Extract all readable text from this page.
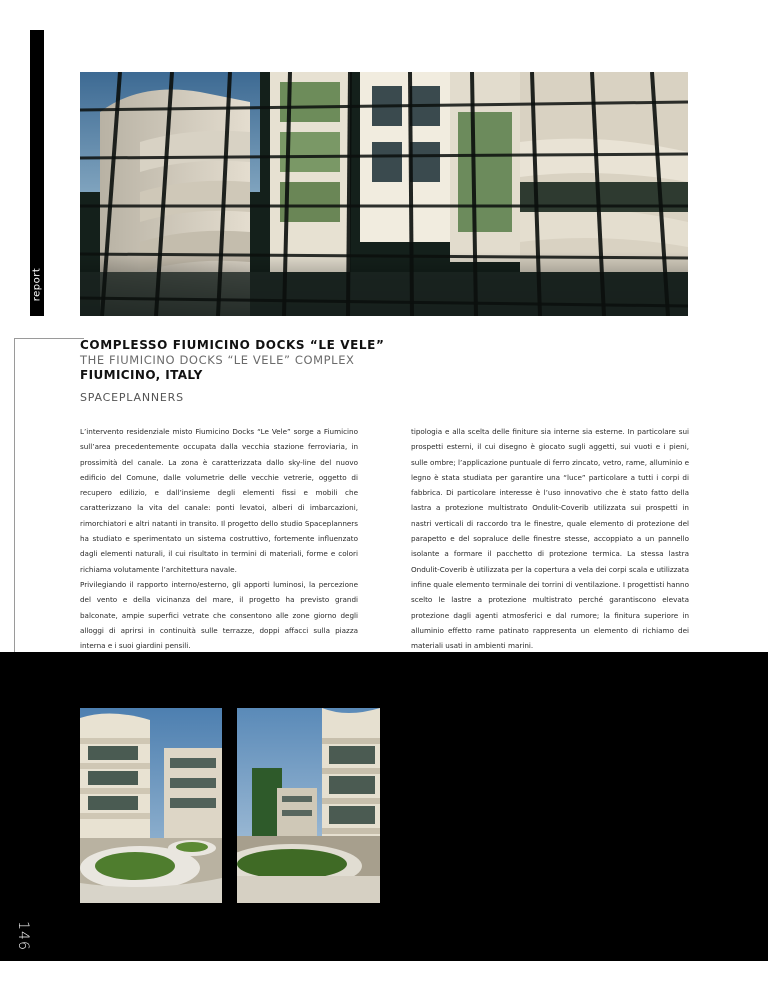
report
COMPLESSO FIUMICINO DOCKS “LE VELE”
THE FIUMICINO DOCKS “LE VELE” COMPLEX
FIUMICINO, ITALY
SPACEPLANNERS

L’intervento residenziale misto Fiumicino Docks “Le Vele” sorge a Fiumicino sull’area precedentemente occupata dalla vecchia stazione ferroviaria, in prossimità del canale. La zona è caratterizzata dallo sky-line del nuovo edificio del Comune, dalle volumetrie delle vecchie vetrerie, oggetto di recupero edilizio, e dall’insieme degli elementi fissi e mobili che caratterizzano la vita del canale: ponti levatoi, alberi di imbarcazioni, rimorchiatori e altri natanti in transito. Il progetto dello studio Spaceplanners ha studiato e sperimentato un sistema costruttivo, fortemente influenzato dagli elementi naturali, il cui risultato in termini di materiali, forme e colori richiama volutamente l’architettura navale.

Privilegiando il rapporto interno/esterno, gli apporti luminosi, la percezione del vento e della vicinanza del mare, il progetto ha previsto grandi balconate, ampie superfici vetrate che consentono alle zone giorno degli alloggi di aprirsi in continuità sulle terrazze, doppi affacci sulla piazza interna e i suoi giardini pensili.

tipologia e alla scelta delle finiture sia interne sia esterne. In particolare sui prospetti esterni, il cui disegno è giocato sugli aggetti, sui vuoti e i pieni, sulle ombre; l’applicazione puntuale di ferro zincato, vetro, rame, alluminio e legno è stata studiata per garantire una “luce” particolare a tutti i corpi di fabbrica. Di particolare interesse è l’uso innovativo che è stato fatto della lastra a protezione multistrato Ondulit-Coverib utilizzata sui prospetti in nastri verticali di raccordo tra le finestre, quale elemento di protezione del parapetto e del sopraluce delle finestre stesse, accoppiato a un pannello isolante a formare il pacchetto di protezione termica. La stessa lastra Ondulit-Coverib è utilizzata per la copertura a vela dei corpi scala e utilizzata infine quale elemento terminale dei torrini di ventilazione. I progettisti hanno scelto le lastre a protezione multistrato perché garantiscono elevata protezione dagli agenti atmosferici e dal rumore; la finitura superiore in alluminio effetto rame patinato rappresenta un elemento di richiamo dei materiali usati in ambienti marini.

146
